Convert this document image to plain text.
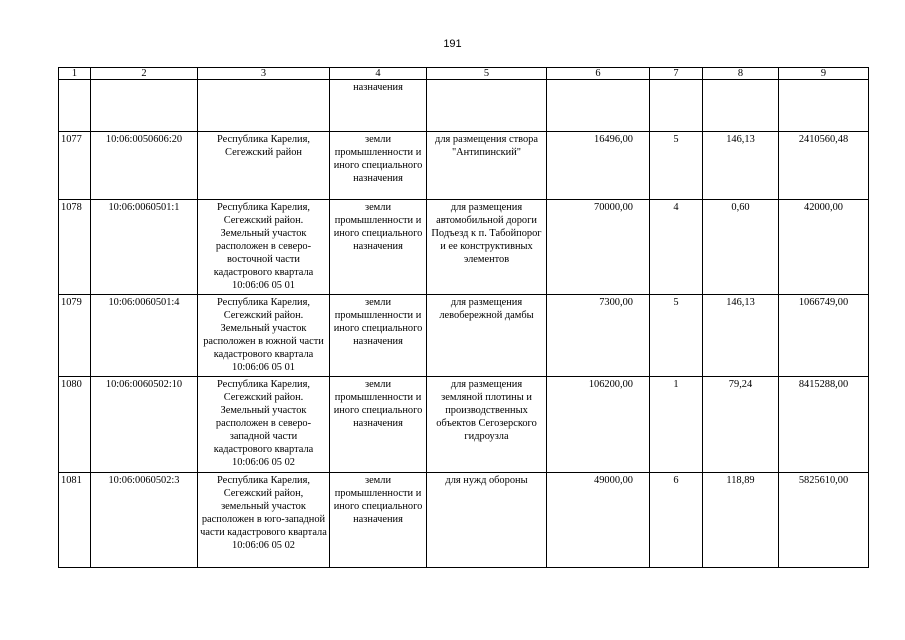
191
1	2	3	4	5	6	7	8	9
			назначения					
1077	10:06:0050606:20	Республика Карелия, Сегежский район	земли промышленности и иного специального назначения	для размещения створа "Антипинский"	16496,00	5	146,13	2410560,48
1078	10:06:0060501:1	Республика Карелия, Сегежский район. Земельный участок расположен в северо-восточной части кадастрового квартала 10:06:06 05 01	земли промышленности и иного специального назначения	для размещения автомобильной дороги Подъезд к п. Табойпорог и ее конструктивных элементов	70000,00	4	0,60	42000,00
1079	10:06:0060501:4	Республика Карелия, Сегежский район. Земельный участок расположен в южной части кадастрового квартала 10:06:06 05 01	земли промышленности и иного специального назначения	для размещения левобережной дамбы	7300,00	5	146,13	1066749,00
1080	10:06:0060502:10	Республика Карелия, Сегежский район. Земельный участок расположен в северо-западной части кадастрового квартала 10:06:06 05 02	земли промышленности и иного специального назначения	для размещения земляной плотины и производственных объектов Сегозерского гидроузла	106200,00	1	79,24	8415288,00
1081	10:06:0060502:3	Республика Карелия, Сегежский район, земельный участок расположен в юго-западной части кадастрового квартала 10:06:06 05 02	земли промышленности и иного специального назначения	для нужд обороны	49000,00	6	118,89	5825610,00
